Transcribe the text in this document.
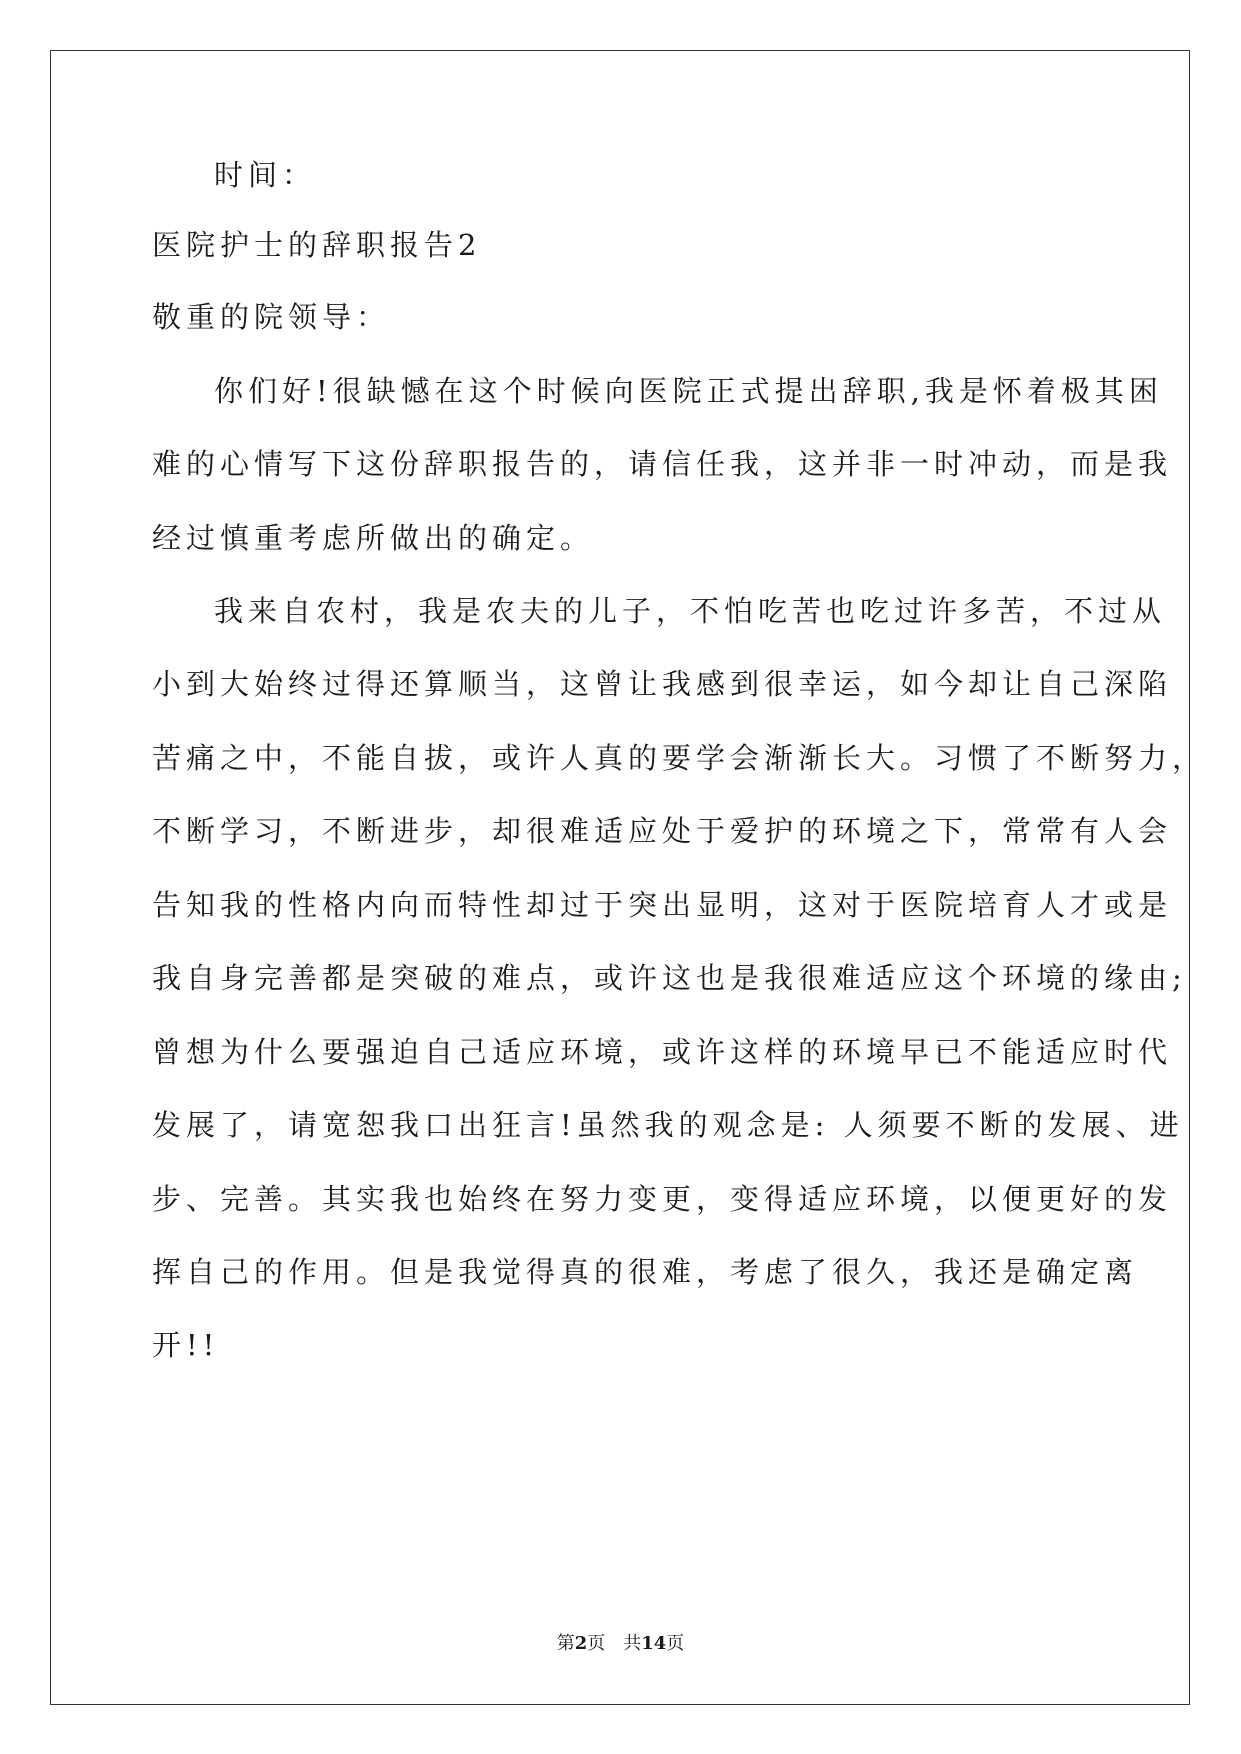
时间：
医院护士的辞职报告2
敬重的院领导：
你们好!很缺憾在这个时候向医院正式提出辞职,我是怀着极其困
难的心情写下这份辞职报告的，请信任我，这并非一时冲动，而是我
经过慎重考虑所做出的确定。
我来自农村，我是农夫的儿子，不怕吃苦也吃过许多苦，不过从
小到大始终过得还算顺当，这曾让我感到很幸运，如今却让自己深陷
苦痛之中，不能自拔，或许人真的要学会渐渐长大。习惯了不断努力，
不断学习，不断进步，却很难适应处于爱护的环境之下，常常有人会
告知我的性格内向而特性却过于突出显明，这对于医院培育人才或是
我自身完善都是突破的难点，或许这也是我很难适应这个环境的缘由;
曾想为什么要强迫自己适应环境，或许这样的环境早已不能适应时代
发展了，请宽恕我口出狂言!虽然我的观念是: 人须要不断的发展、进
步、完善。其实我也始终在努力变更，变得适应环境，以便更好的发
挥自己的作用。但是我觉得真的很难，考虑了很久，我还是确定离
开!!
第2页　共14页
